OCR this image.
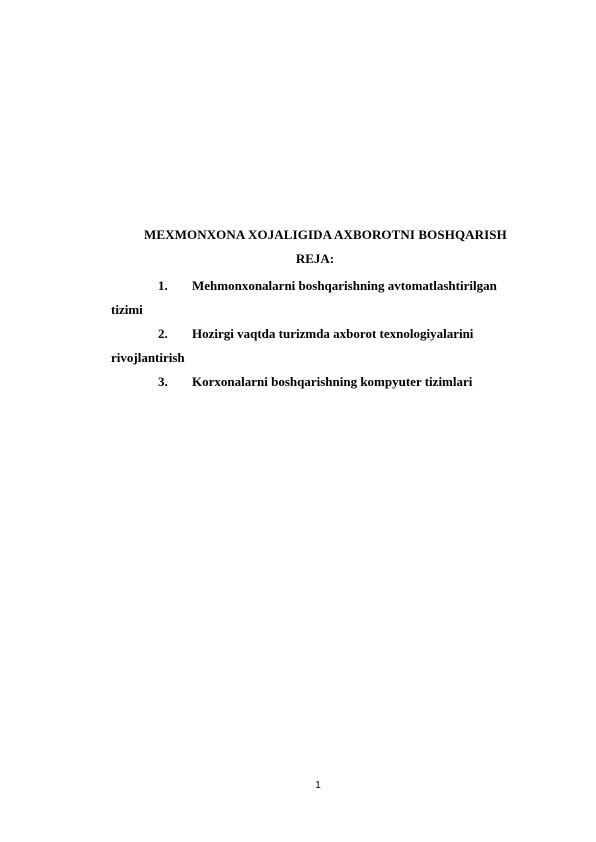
MEXMONXONA XOJALIGIDA AXBOROTNI BOSHQARISH
REJA:
1. Mehmonxonalarni boshqarishning avtomatlashtirilgan tizimi
2. Hozirgi vaqtda turizmda axborot texnologiyalarini rivojlantirish
3. Korxonalarni boshqarishning kompyuter tizimlari
1
